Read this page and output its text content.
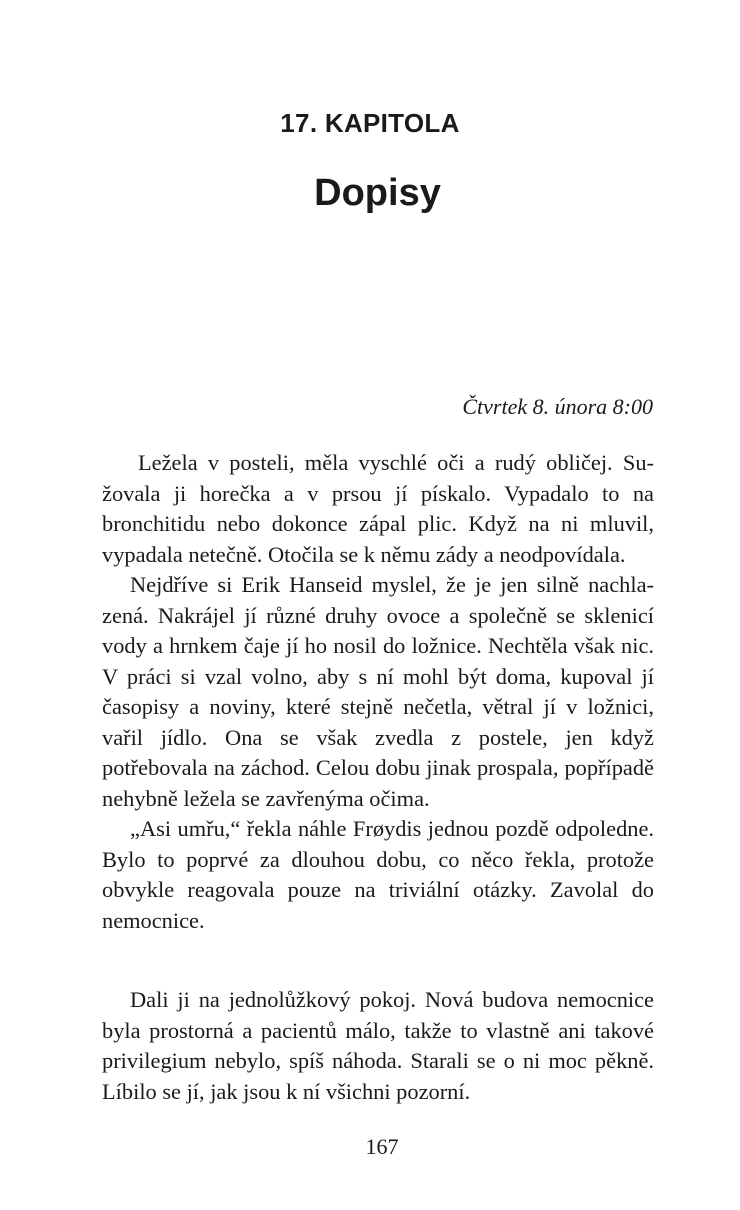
17. KAPITOLA
Dopisy

Čtvrtek 8. února 8:00

Ležela v posteli, měla vyschlé oči a rudý obličej. Sužovala ji horečka a v prsou jí pískalo. Vypadalo to na bronchitidu nebo dokonce zápal plic. Když na ni mluvil, vypadala netečně. Otočila se k němu zády a neodpovídala.

Nejdříve si Erik Hanseid myslel, že je jen silně nachlazená. Nakrájel jí různé druhy ovoce a společně se sklenicí vody a hrnkem čaje jí ho nosil do ložnice. Nechtěla však nic. V práci si vzal volno, aby s ní mohl být doma, kupoval jí časopisy a noviny, které stejně nečetla, větral jí v ložnici, vařil jídlo. Ona se však zvedla z postele, jen když potřebovala na záchod. Celou dobu jinak prospala, popřípadě nehybně ležela se zavřenýma očima.

„Asi umřu,“ řekla náhle Frøydis jednou pozdě odpoledne. Bylo to poprvé za dlouhou dobu, co něco řekla, protože obvykle reagovala pouze na triviální otázky. Zavolal do nemocnice.

Dali ji na jednolůžkový pokoj. Nová budova nemocnice byla prostorná a pacientů málo, takže to vlastně ani takové privilegium nebylo, spíš náhoda. Starali se o ni moc pěkně. Líbilo se jí, jak jsou k ní všichni pozorní.

167
